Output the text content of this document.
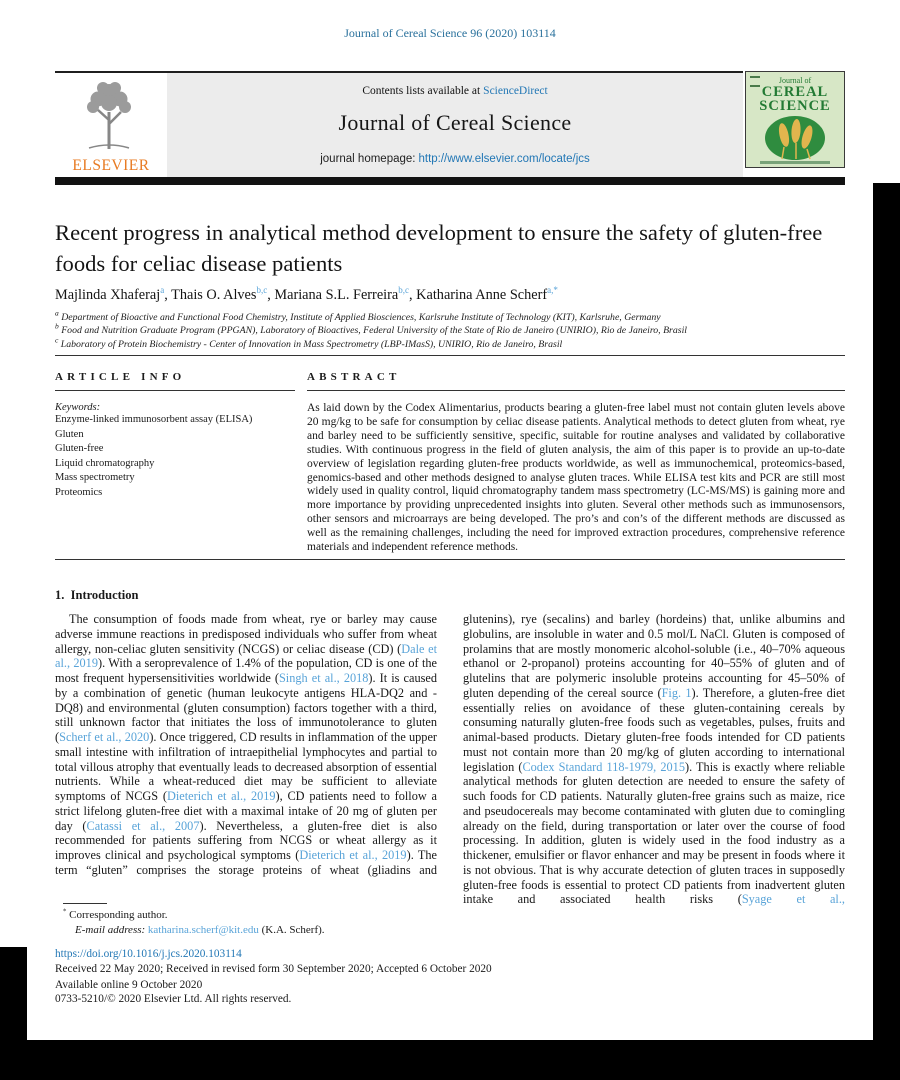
Journal of Cereal Science 96 (2020) 103114
ELSEVIER
Contents lists available at ScienceDirect
Journal of Cereal Science
journal homepage: http://www.elsevier.com/locate/jcs
Journal of
CEREAL
SCIENCE
Recent progress in analytical method development to ensure the safety of gluten-free foods for celiac disease patients
Majlinda Xhaferaj$^a$, Thais O. Alves$^{b,c}$, Mariana S.L. Ferreira$^{b,c}$, Katharina Anne Scherf$^{a,*}$
$^a$ Department of Bioactive and Functional Food Chemistry, Institute of Applied Biosciences, Karlsruhe Institute of Technology (KIT), Karlsruhe, Germany
$^b$ Food and Nutrition Graduate Program (PPGAN), Laboratory of Bioactives, Federal University of the State of Rio de Janeiro (UNIRIO), Rio de Janeiro, Brasil
$^c$ Laboratory of Protein Biochemistry - Center of Innovation in Mass Spectrometry (LBP-IMasS), UNIRIO, Rio de Janeiro, Brasil
ARTICLE INFO
Keywords:
Enzyme-linked immunosorbent assay (ELISA)
Gluten
Gluten-free
Liquid chromatography
Mass spectrometry
Proteomics
ABSTRACT
As laid down by the Codex Alimentarius, products bearing a gluten-free label must not contain gluten levels above 20 mg/kg to be safe for consumption by celiac disease patients. Analytical methods to detect gluten from wheat, rye and barley need to be sufficiently sensitive, specific, suitable for routine analyses and validated by collaborative studies. With continuous progress in the field of gluten analysis, the aim of this paper is to provide an up-to-date overview of legislation regarding gluten-free products worldwide, as well as immunochemical, proteomics-based, genomics-based and other methods designed to analyse gluten traces. While ELISA test kits and PCR are still most widely used in quality control, liquid chromatography tandem mass spectrometry (LC-MS/MS) is gaining more and more importance by providing unprecedented insights into gluten. Several other methods such as immunosensors, other sensors and microarrays are being developed. The pro’s and con’s of the different methods are discussed as well as the remaining challenges, including the need for improved extraction procedures, comprehensive reference materials and independent reference methods.
1.  Introduction
The consumption of foods made from wheat, rye or barley may cause adverse immune reactions in predisposed individuals who suffer from wheat allergy, non-celiac gluten sensitivity (NCGS) or celiac disease (CD) (Dale et al., 2019). With a seroprevalence of 1.4% of the population, CD is one of the most frequent hypersensitivities worldwide (Singh et al., 2018). It is caused by a combination of genetic (human leukocyte antigens HLA-DQ2 and -DQ8) and environmental (gluten consumption) factors together with a third, still unknown factor that initiates the loss of immunotolerance to gluten (Scherf et al., 2020). Once triggered, CD results in inflammation of the upper small intestine with infiltration of intraepithelial lymphocytes and partial to total villous atrophy that eventually leads to decreased absorption of essential nutrients. While a wheat-reduced diet may be sufficient to alleviate symptoms of NCGS (Dieterich et al., 2019), CD patients need to follow a strict lifelong gluten-free diet with a maximal intake of 20 mg of gluten per day (Catassi et al., 2007). Nevertheless, a gluten-free diet is also recommended for patients suffering from NCGS or wheat allergy as it improves clinical and psychological symptoms (Dieterich et al., 2019). The term “gluten” comprises the storage proteins of wheat (gliadins and
glutenins), rye (secalins) and barley (hordeins) that, unlike albumins and globulins, are insoluble in water and 0.5 mol/L NaCl. Gluten is composed of prolamins that are mostly monomeric alcohol-soluble (i.e., 40–70% aqueous ethanol or 2-propanol) proteins accounting for 40–55% of gluten and of glutelins that are polymeric insoluble proteins accounting for 45–50% of gluten depending of the cereal source (Fig. 1). Therefore, a gluten-free diet essentially relies on avoidance of these gluten-containing cereals by consuming naturally gluten-free foods such as vegetables, pulses, fruits and animal-based products. Dietary gluten-free foods intended for CD patients must not contain more than 20 mg/kg of gluten according to international legislation (Codex Standard 118-1979, 2015). This is exactly where reliable analytical methods for gluten detection are needed to ensure the safety of such foods for CD patients. Naturally gluten-free grains such as maize, rice and pseudocereals may become contaminated with gluten due to comingling already on the field, during transportation or later over the course of food processing. In addition, gluten is widely used in the food industry as a thickener, emulsifier or flavor enhancer and may be present in foods where it is not obvious. That is why accurate detection of gluten traces in supposedly gluten-free foods is essential to protect CD patients from inadvertent gluten intake and associated health risks (Syage et al.,
* Corresponding author.
E-mail address: katharina.scherf@kit.edu (K.A. Scherf).
https://doi.org/10.1016/j.jcs.2020.103114
Received 22 May 2020; Received in revised form 30 September 2020; Accepted 6 October 2020
Available online 9 October 2020
0733-5210/© 2020 Elsevier Ltd. All rights reserved.
